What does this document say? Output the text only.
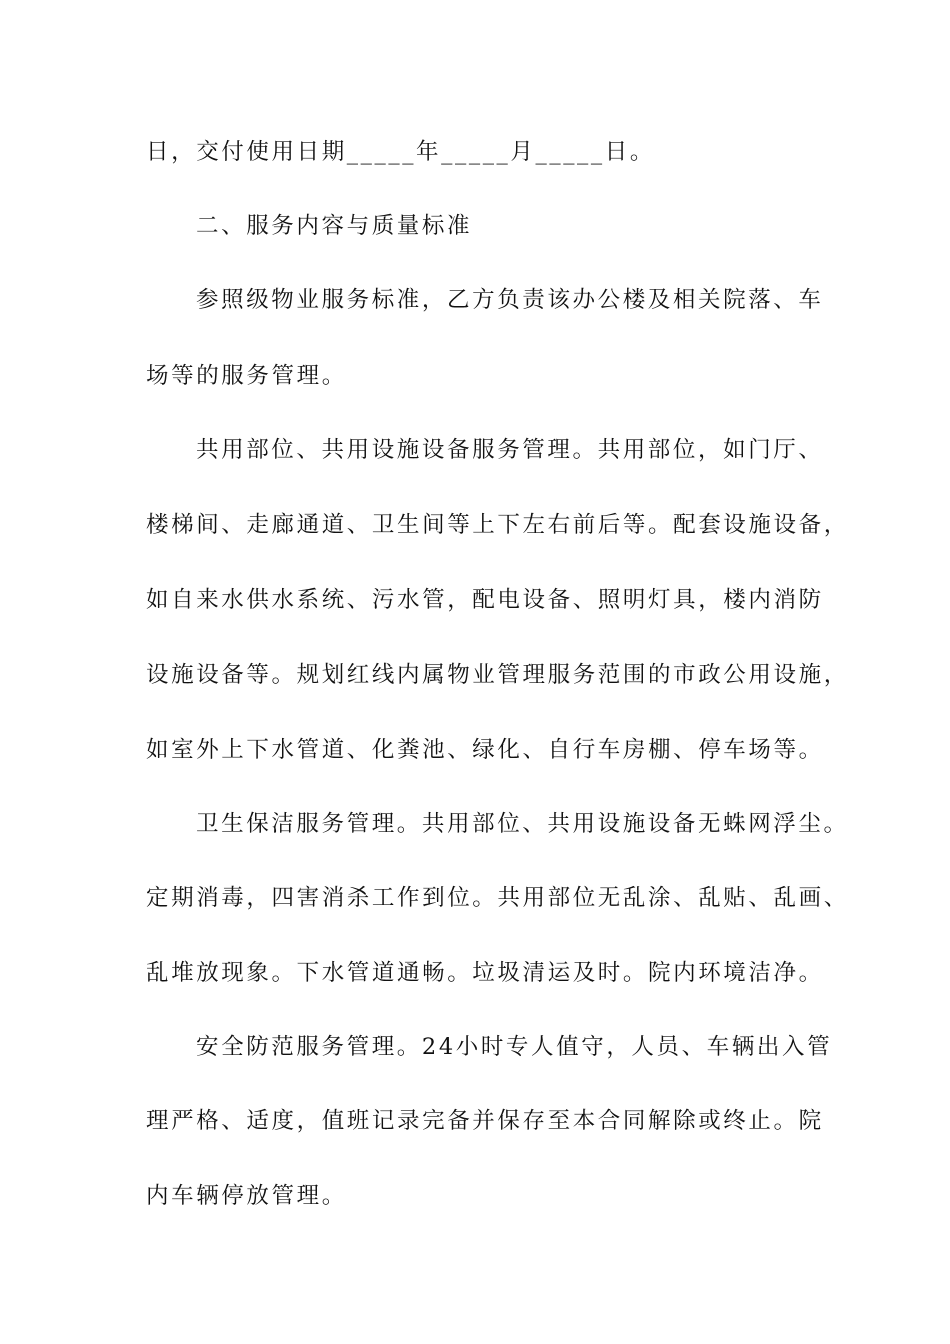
日，交付使用日期_____年_____月_____日。
二、服务内容与质量标准
参照级物业服务标准，乙方负责该办公楼及相关院落、车
场等的服务管理。
共用部位、共用设施设备服务管理。共用部位，如门厅、
楼梯间、走廊通道、卫生间等上下左右前后等。配套设施设备，
如自来水供水系统、污水管，配电设备、照明灯具，楼内消防
设施设备等。规划红线内属物业管理服务范围的市政公用设施，
如室外上下水管道、化粪池、绿化、自行车房棚、停车场等。
卫生保洁服务管理。共用部位、共用设施设备无蛛网浮尘。
定期消毒，四害消杀工作到位。共用部位无乱涂、乱贴、乱画、
乱堆放现象。下水管道通畅。垃圾清运及时。院内环境洁净。
安全防范服务管理。24小时专人值守，人员、车辆出入管
理严格、适度，值班记录完备并保存至本合同解除或终止。院
内车辆停放管理。
